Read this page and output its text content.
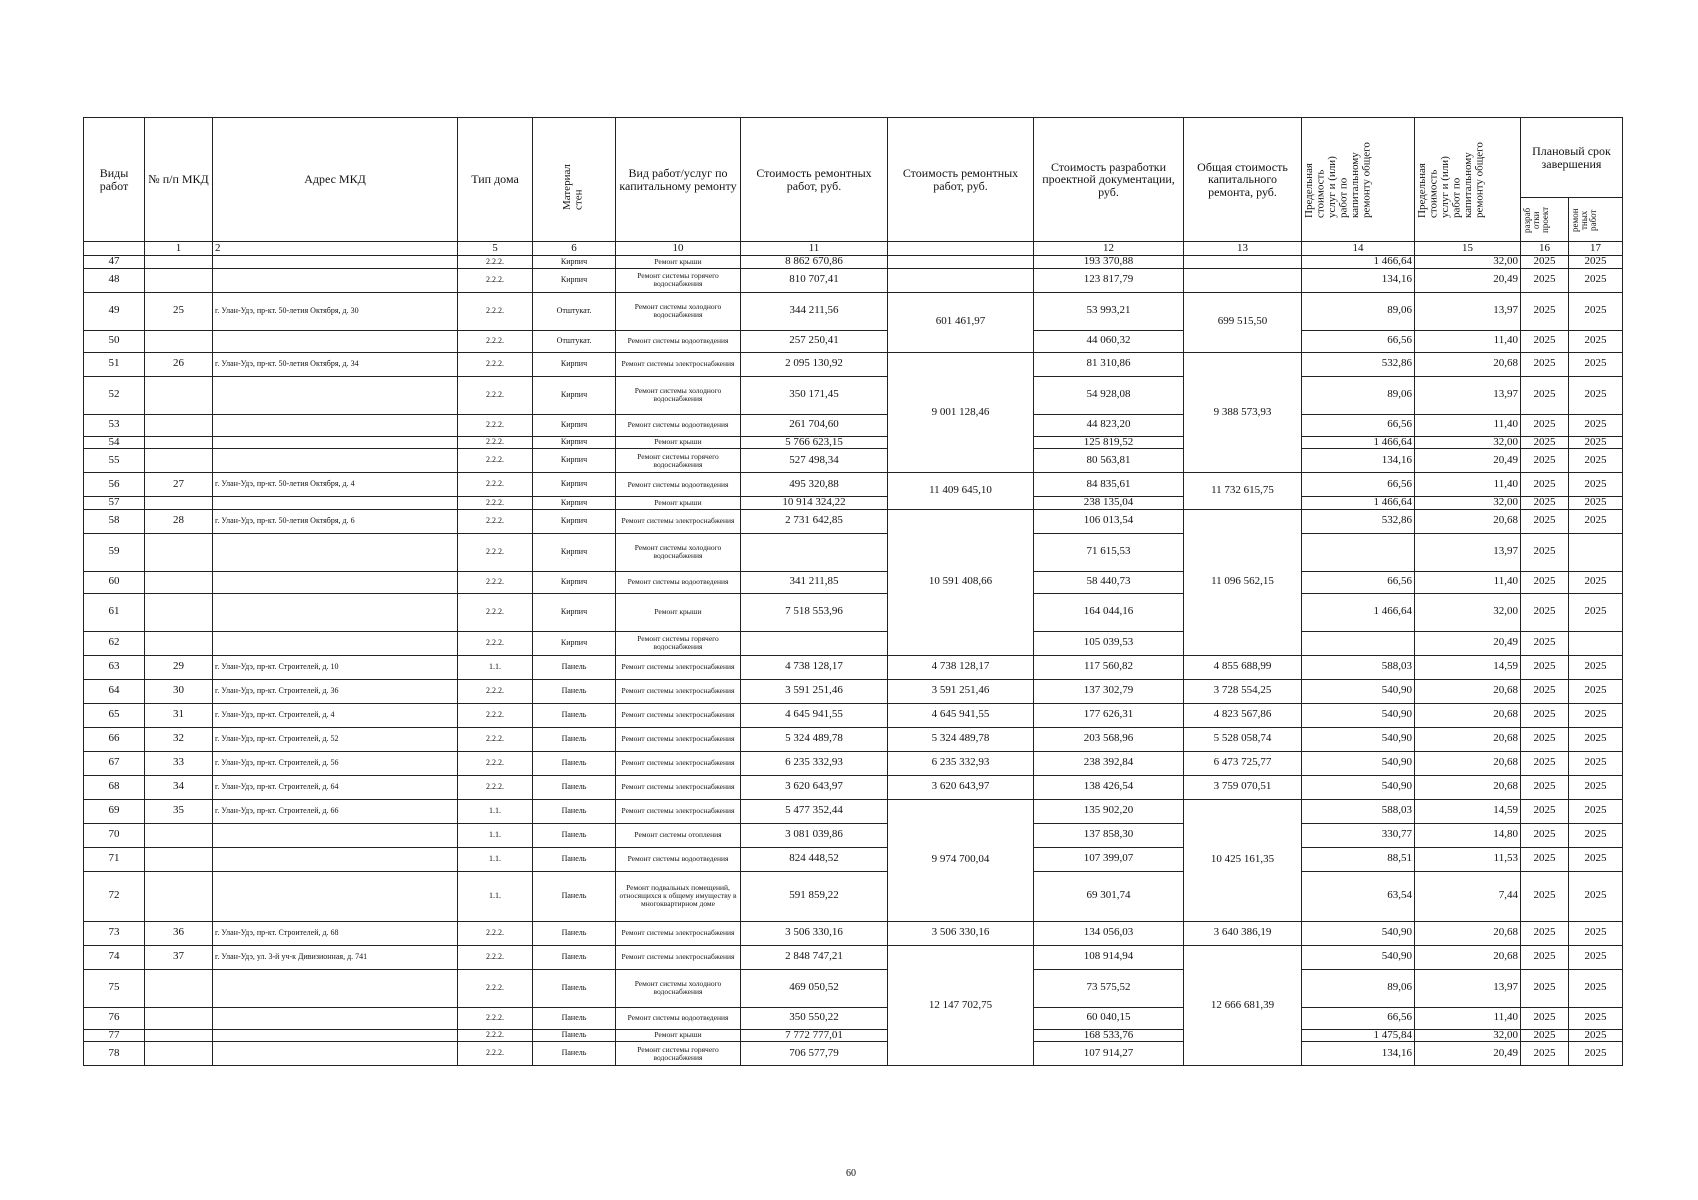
Виды работ	№ п/п МКД	Адрес МКД	Тип дома	Материал стен	Вид работ/услуг по капитальному ремонту	Стоимость ремонтных работ, руб.	Стоимость ремонтных работ, руб.	Стоимость разработки проектной документации, руб.	Общая стоимость капитального ремонта, руб.	Предельная стоимость услуг и (или) работ по капитальному ремонту общего	Предельная стоимость услуг и (или) работ по капитальному ремонту общего	Плановый срок завершения	

												разраб отки проект	ремон тных работ

	1	2	5	6	10	11		12	13	14	15	16	17
47			2.2.2.	Кирпич	Ремонт крыши	8 862 670,86		193 370,88		1 466,64	32,00	2025	2025
48			2.2.2.	Кирпич	Ремонт системы горячего водоснабжения	810 707,41		123 817,79		134,16	20,49	2025	2025
49	25	г. Улан-Удэ, пр-кт. 50-летия Октября, д. 30	2.2.2.	Отштукат.	Ремонт системы холодного водоснабжения	344 211,56	601 461,97	53 993,21	699 515,50	89,06	13,97	2025	2025
50			2.2.2.	Отштукат.	Ремонт системы водоотведения	257 250,41		44 060,32		66,56	11,40	2025	2025
51	26	г. Улан-Удэ, пр-кт. 50-летия Октября, д. 34	2.2.2.	Кирпич	Ремонт системы электроснабжения	2 095 130,92	9 001 128,46	81 310,86	9 388 573,93	532,86	20,68	2025	2025
52			2.2.2.	Кирпич	Ремонт системы холодного водоснабжения	350 171,45		54 928,08		89,06	13,97	2025	2025
53			2.2.2.	Кирпич	Ремонт системы водоотведения	261 704,60		44 823,20		66,56	11,40	2025	2025
54			2.2.2.	Кирпич	Ремонт крыши	5 766 623,15		125 819,52		1 466,64	32,00	2025	2025
55			2.2.2.	Кирпич	Ремонт системы горячего водоснабжения	527 498,34		80 563,81		134,16	20,49	2025	2025
56	27	г. Улан-Удэ, пр-кт. 50-летия Октября, д. 4	2.2.2.	Кирпич	Ремонт системы водоотведения	495 320,88	11 409 645,10	84 835,61	11 732 615,75	66,56	11,40	2025	2025
57			2.2.2.	Кирпич	Ремонт крыши	10 914 324,22		238 135,04		1 466,64	32,00	2025	2025
58	28	г. Улан-Удэ, пр-кт. 50-летия Октября, д. 6	2.2.2.	Кирпич	Ремонт системы электроснабжения	2 731 642,85	10 591 408,66	106 013,54	11 096 562,15	532,86	20,68	2025	2025
59			2.2.2.	Кирпич	Ремонт системы холодного водоснабжения			71 615,53			13,97	2025	
60			2.2.2.	Кирпич	Ремонт системы водоотведения	341 211,85		58 440,73		66,56	11,40	2025	2025
61			2.2.2.	Кирпич	Ремонт крыши	7 518 553,96		164 044,16		1 466,64	32,00	2025	2025
62			2.2.2.	Кирпич	Ремонт системы горячего водоснабжения			105 039,53			20,49	2025	
63	29	г. Улан-Удэ, пр-кт. Строителей, д. 10	1.1.	Панель	Ремонт системы электроснабжения	4 738 128,17	4 738 128,17	117 560,82	4 855 688,99	588,03	14,59	2025	2025
64	30	г. Улан-Удэ, пр-кт. Строителей, д. 36	2.2.2.	Панель	Ремонт системы электроснабжения	3 591 251,46	3 591 251,46	137 302,79	3 728 554,25	540,90	20,68	2025	2025
65	31	г. Улан-Удэ, пр-кт. Строителей, д. 4	2.2.2.	Панель	Ремонт системы электроснабжения	4 645 941,55	4 645 941,55	177 626,31	4 823 567,86	540,90	20,68	2025	2025
66	32	г. Улан-Удэ, пр-кт. Строителей, д. 52	2.2.2.	Панель	Ремонт системы электроснабжения	5 324 489,78	5 324 489,78	203 568,96	5 528 058,74	540,90	20,68	2025	2025
67	33	г. Улан-Удэ, пр-кт. Строителей, д. 56	2.2.2.	Панель	Ремонт системы электроснабжения	6 235 332,93	6 235 332,93	238 392,84	6 473 725,77	540,90	20,68	2025	2025
68	34	г. Улан-Удэ, пр-кт. Строителей, д. 64	2.2.2.	Панель	Ремонт системы электроснабжения	3 620 643,97	3 620 643,97	138 426,54	3 759 070,51	540,90	20,68	2025	2025
69	35	г. Улан-Удэ, пр-кт. Строителей, д. 66	1.1.	Панель	Ремонт системы электроснабжения	5 477 352,44	9 974 700,04	135 902,20	10 425 161,35	588,03	14,59	2025	2025
70			1.1.	Панель	Ремонт системы отопления	3 081 039,86		137 858,30		330,77	14,80	2025	2025
71			1.1.	Панель	Ремонт системы водоотведения	824 448,52		107 399,07		88,51	11,53	2025	2025
72			1.1.	Панель	Ремонт подвальных помещений, относящихся к общему имуществу в многоквартирном доме	591 859,22		69 301,74		63,54	7,44	2025	2025
73	36	г. Улан-Удэ, пр-кт. Строителей, д. 68	2.2.2.	Панель	Ремонт системы электроснабжения	3 506 330,16	3 506 330,16	134 056,03	3 640 386,19	540,90	20,68	2025	2025
74	37	г. Улан-Удэ, ул. 3-й уч-к Дивизионная, д. 741	2.2.2.	Панель	Ремонт системы электроснабжения	2 848 747,21	12 147 702,75	108 914,94	12 666 681,39	540,90	20,68	2025	2025
75			2.2.2.	Панель	Ремонт системы холодного водоснабжения	469 050,52		73 575,52		89,06	13,97	2025	2025
76			2.2.2.	Панель	Ремонт системы водоотведения	350 550,22		60 040,15		66,56	11,40	2025	2025
77			2.2.2.	Панель	Ремонт крыши	7 772 777,01		168 533,76		1 475,84	32,00	2025	2025
78			2.2.2.	Панель	Ремонт системы горячего водоснабжения	706 577,79		107 914,27		134,16	20,49	2025	2025
60
